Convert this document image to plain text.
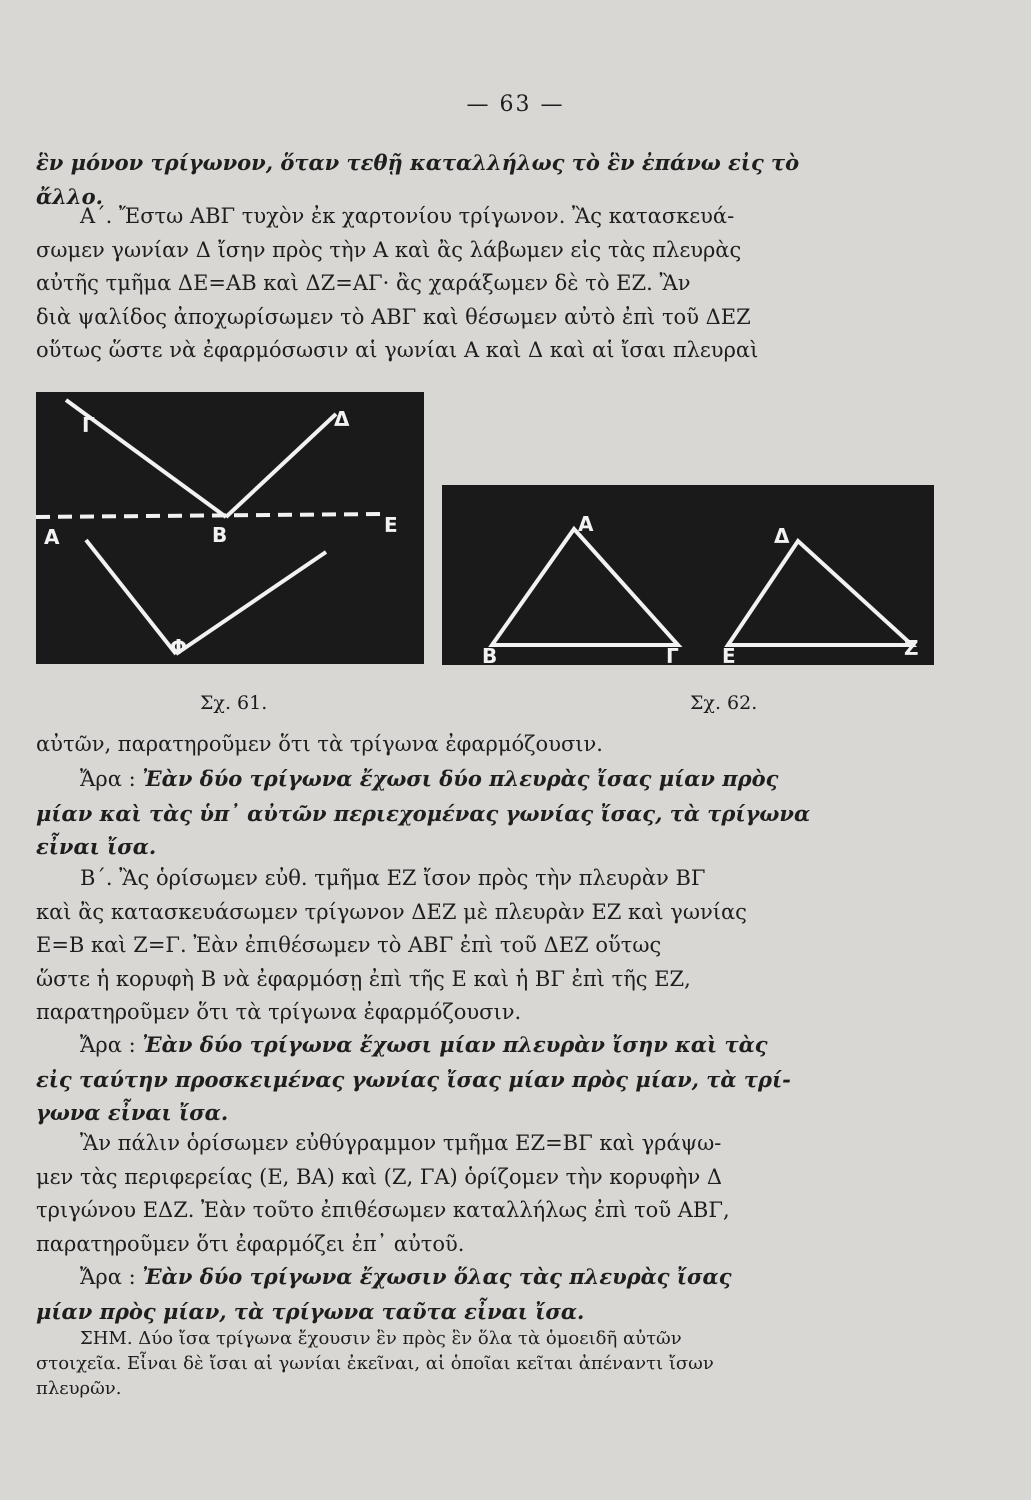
— 63 —
ἓν μόνον τρίγωνον, ὅταν τεθῇ καταλλήλως τὸ ἓν ἐπάνω εἰς τὸ
ἄλλο.
Α΄. Ἔστω ΑΒΓ τυχὸν ἐκ χαρτονίου τρίγωνον. Ἂς κατασκευά-
σωμεν γωνίαν Δ ἴσην πρὸς τὴν Α καὶ ἂς λάβωμεν εἰς τὰς πλευρὰς
αὐτῆς τμῆμα ΔΕ=ΑΒ καὶ ΔΖ=ΑΓ· ἂς χαράξωμεν δὲ τὸ ΕΖ. Ἂν
διὰ ψαλίδος ἀποχωρίσωμεν τὸ ΑΒΓ καὶ θέσωμεν αὐτὸ ἐπὶ τοῦ ΔΕΖ
οὕτως ὥστε νὰ ἐφαρμόσωσιν αἱ γωνίαι Α καὶ Δ καὶ αἱ ἴσαι πλευραὶ
Γ	Δ
Α	Β	Ε
Φ
Α
Β	Γ
Δ
Ε	Ζ
Σχ. 61.	Σχ. 62.
αὐτῶν, παρατηροῦμεν ὅτι τὰ τρίγωνα ἐφαρμόζουσιν.
Ἄρα : Ἐὰν δύο τρίγωνα ἔχωσι δύο πλευρὰς ἴσας μίαν πρὸς
μίαν καὶ τὰς ὑπ᾽ αὐτῶν περιεχομένας γωνίας ἴσας, τὰ τρίγωνα
εἶναι ἴσα.
Β΄. Ἂς ὁρίσωμεν εὐθ. τμῆμα ΕΖ ἴσον πρὸς τὴν πλευρὰν ΒΓ
καὶ ἂς κατασκευάσωμεν τρίγωνον ΔΕΖ μὲ πλευρὰν ΕΖ καὶ γωνίας
Ε=Β καὶ Ζ=Γ. Ἐὰν ἐπιθέσωμεν τὸ ΑΒΓ ἐπὶ τοῦ ΔΕΖ οὕτως
ὥστε ἡ κορυφὴ Β νὰ ἐφαρμόσῃ ἐπὶ τῆς Ε καὶ ἡ ΒΓ ἐπὶ τῆς ΕΖ,
παρατηροῦμεν ὅτι τὰ τρίγωνα ἐφαρμόζουσιν.
Ἄρα : Ἐὰν δύο τρίγωνα ἔχωσι μίαν πλευρὰν ἴσην καὶ τὰς
εἰς ταύτην προσκειμένας γωνίας ἴσας μίαν πρὸς μίαν, τὰ τρί-
γωνα εἶναι ἴσα.
Ἂν πάλιν ὁρίσωμεν εὐθύγραμμον τμῆμα ΕΖ=ΒΓ καὶ γράψω-
μεν τὰς περιφερείας (Ε, ΒΑ) καὶ (Ζ, ΓΑ) ὁρίζομεν τὴν κορυφὴν Δ
τριγώνου ΕΔΖ. Ἐὰν τοῦτο ἐπιθέσωμεν καταλλήλως ἐπὶ τοῦ ΑΒΓ,
παρατηροῦμεν ὅτι ἐφαρμόζει ἐπ᾽ αὐτοῦ.
Ἄρα : Ἐὰν δύο τρίγωνα ἔχωσιν ὅλας τὰς πλευρὰς ἴσας
μίαν πρὸς μίαν, τὰ τρίγωνα ταῦτα εἶναι ἴσα.
ΣΗΜ. Δύο ἴσα τρίγωνα ἔχουσιν ἓν πρὸς ἓν ὅλα τὰ ὁμοειδῆ αὐτῶν
στοιχεῖα. Εἶναι δὲ ἴσαι αἱ γωνίαι ἐκεῖναι, αἱ ὁποῖαι κεῖται ἀπέναντι ἴσων
πλευρῶν.
